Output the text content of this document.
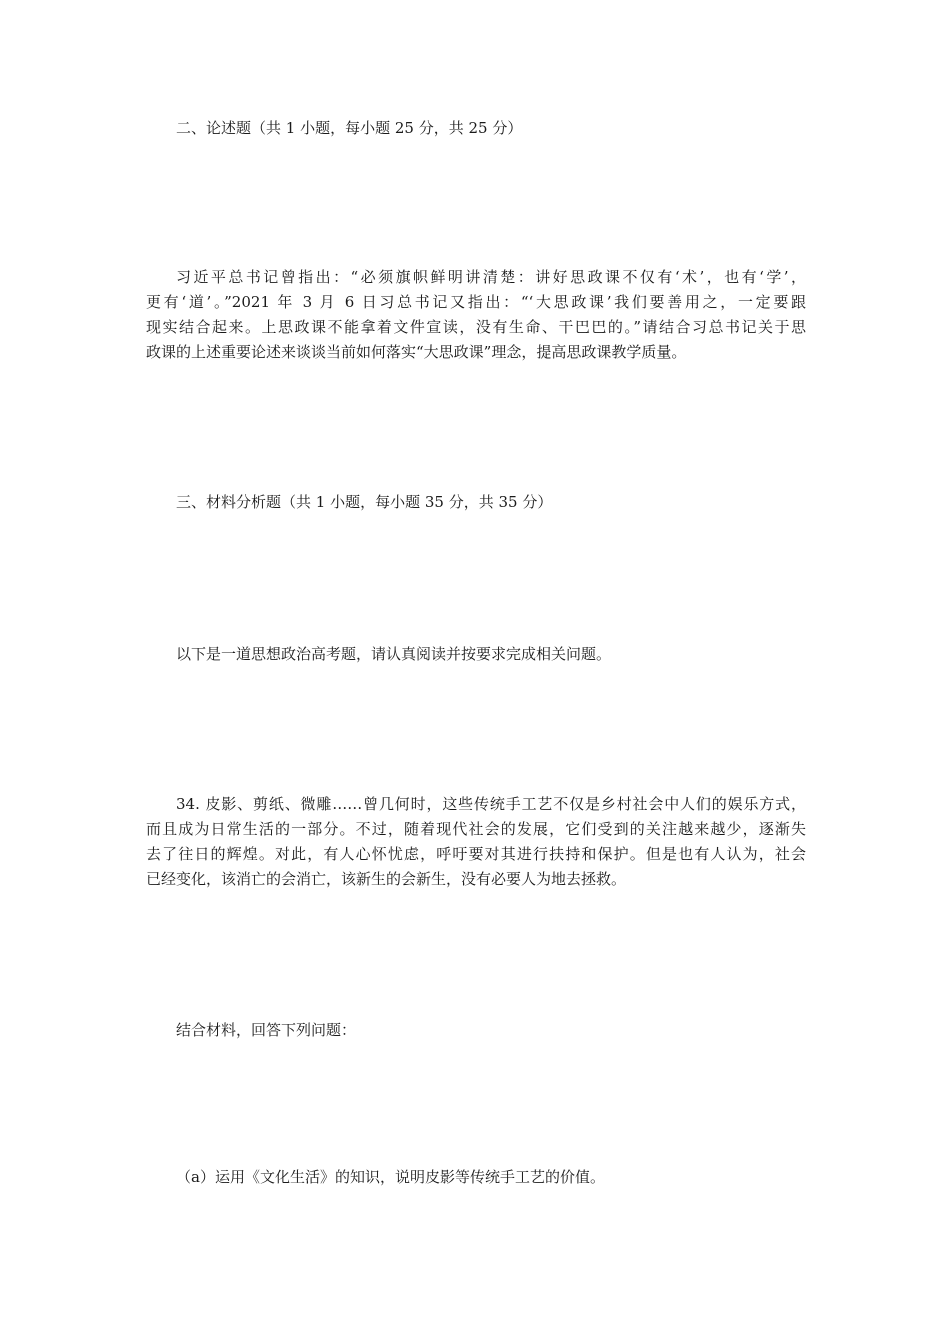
二、论述题（共 1 小题，每小题 25 分，共 25 分）
习近平总书记曾指出：“必须旗帜鲜明讲清楚：讲好思政课不仅有‘术’，也有‘学’，
更有‘道’。”2021 年 3 月 6 日习总书记又指出：“‘大思政课’我们要善用之，一定要跟
现实结合起来。上思政课不能拿着文件宣读，没有生命、干巴巴的。”请结合习总书记关于思
政课的上述重要论述来谈谈当前如何落实“大思政课”理念，提高思政课教学质量。
三、材料分析题（共 1 小题，每小题 35 分，共 35 分）
以下是一道思想政治高考题，请认真阅读并按要求完成相关问题。
34. 皮影、剪纸、微雕……曾几何时，这些传统手工艺不仅是乡村社会中人们的娱乐方式，
而且成为日常生活的一部分。不过，随着现代社会的发展，它们受到的关注越来越少，逐渐失
去了往日的辉煌。对此，有人心怀忧虑，呼吁要对其进行扶持和保护。但是也有人认为，社会
已经变化，该消亡的会消亡，该新生的会新生，没有必要人为地去拯救。
结合材料，回答下列问题：
（a）运用《文化生活》的知识，说明皮影等传统手工艺的价值。
